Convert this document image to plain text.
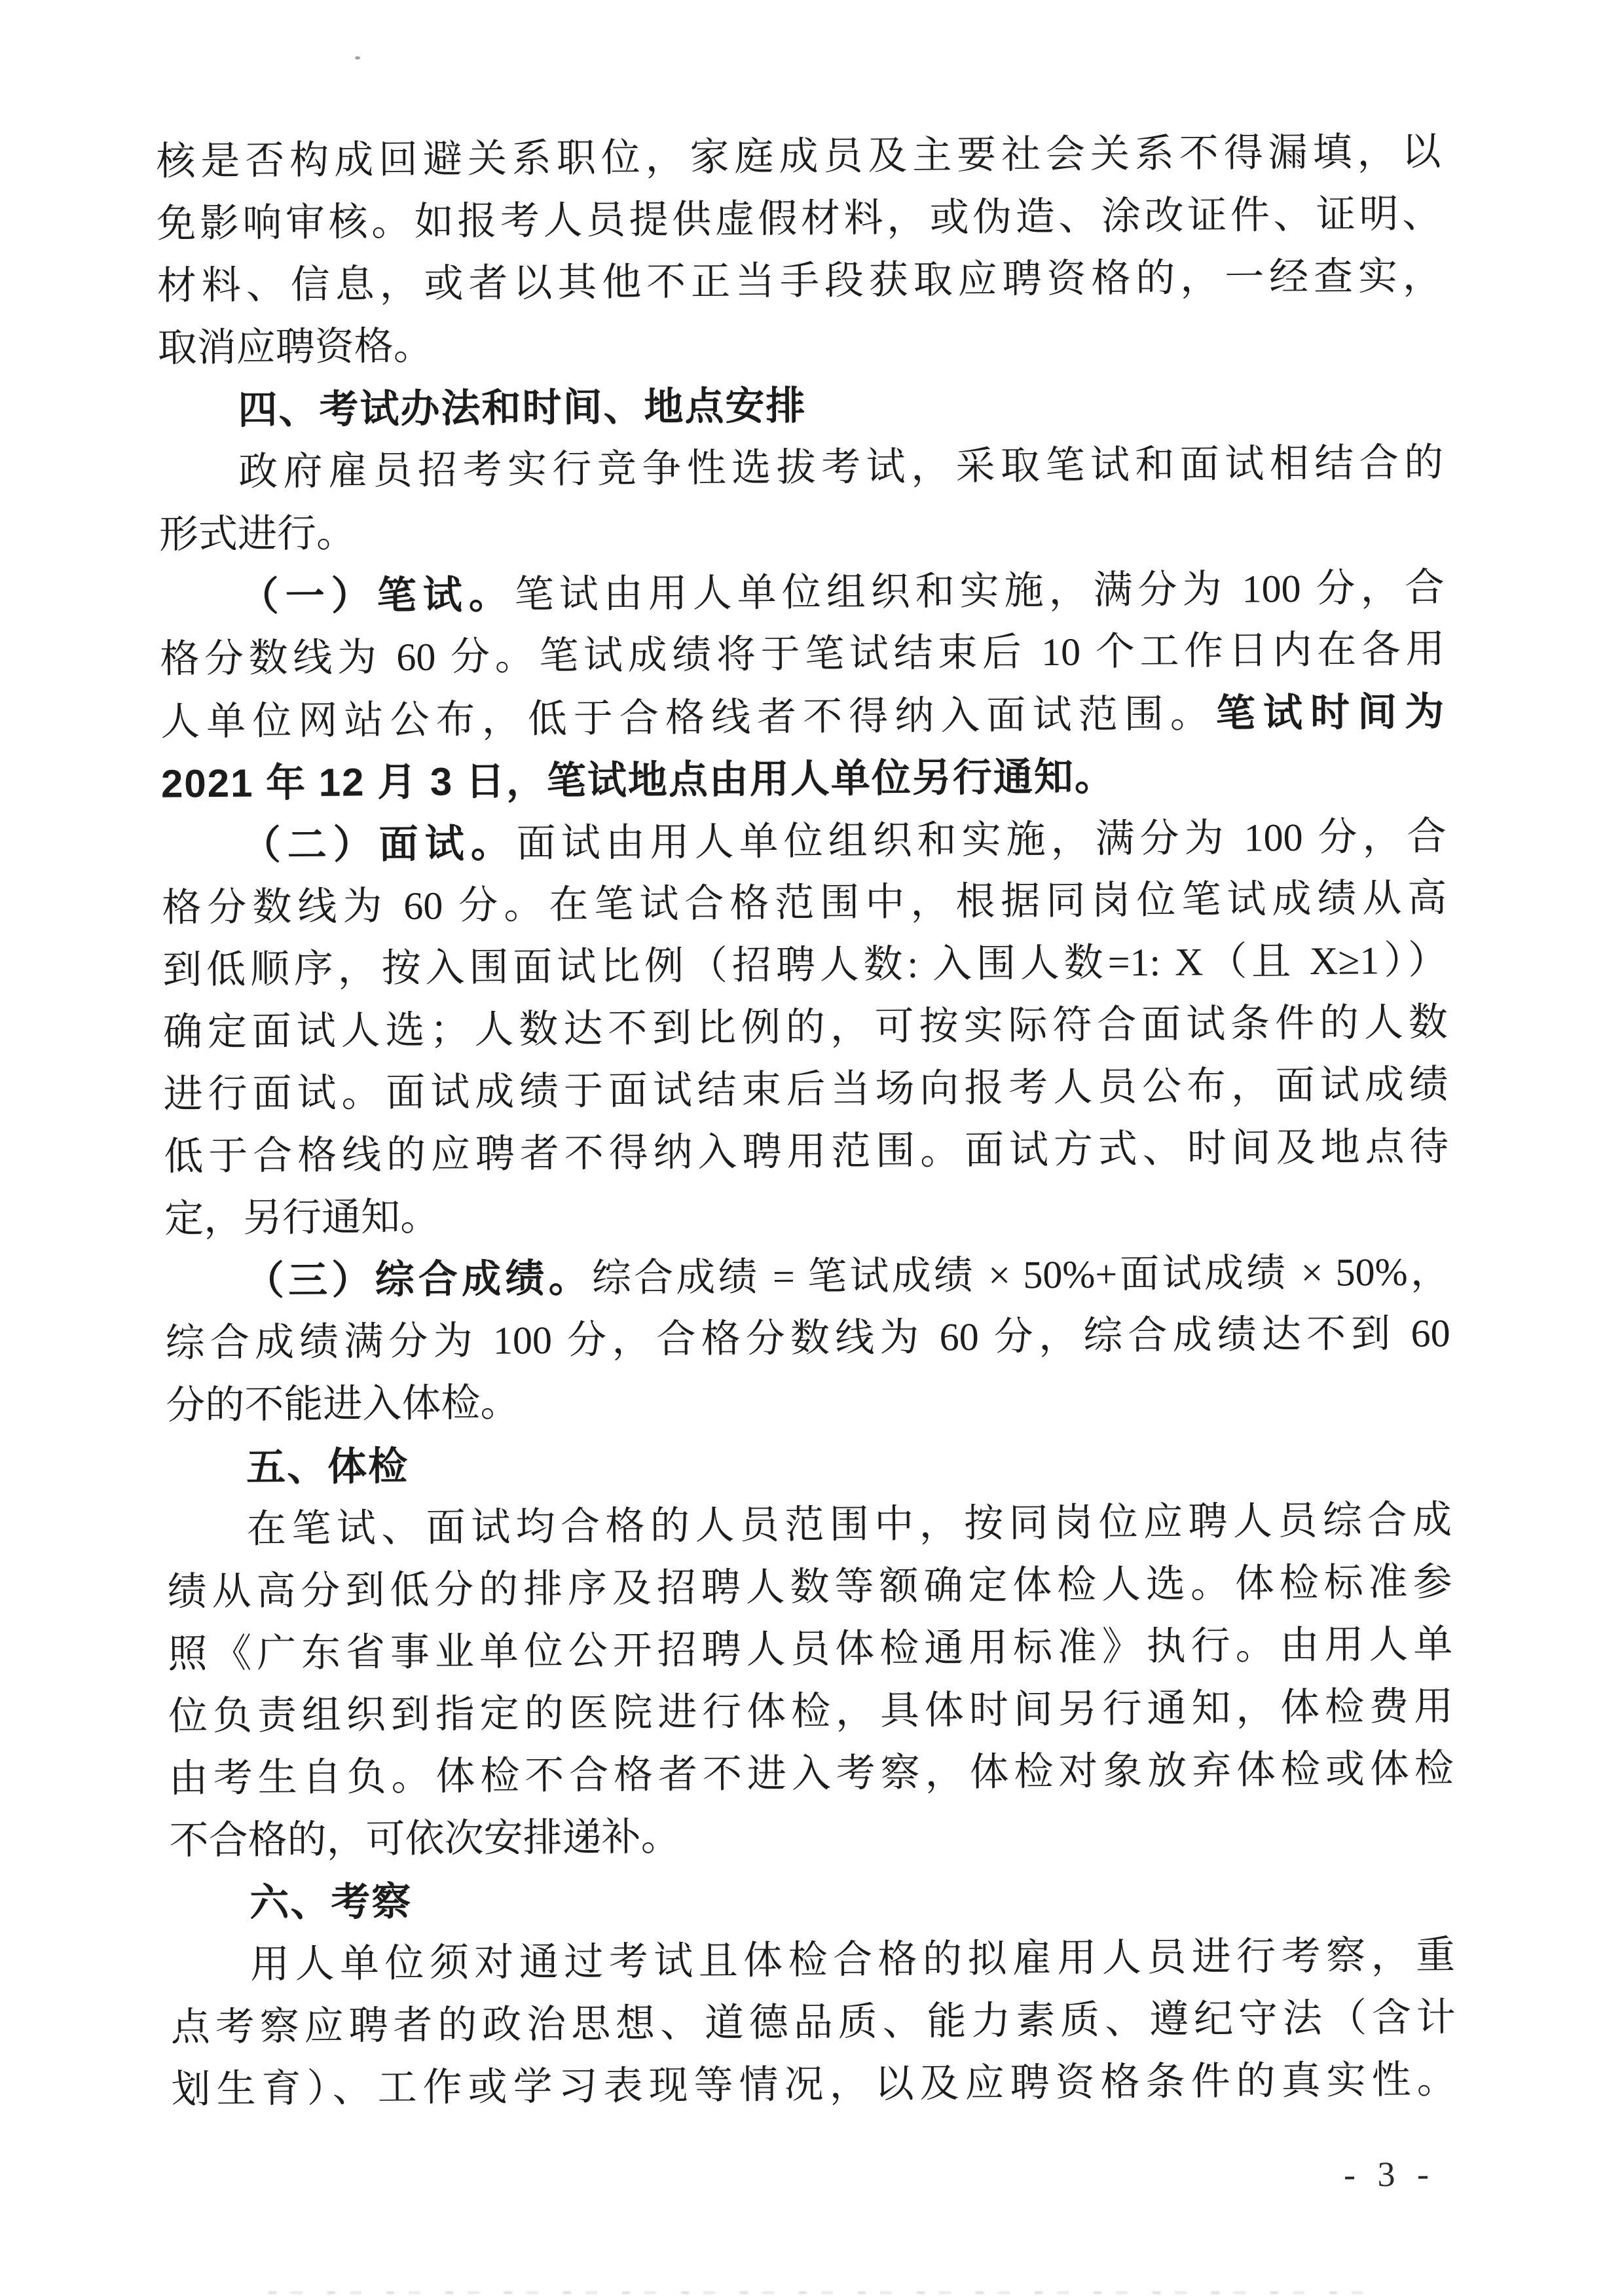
核是否构成回避关系职位，家庭成员及主要社会关系不得漏填，以
免影响审核。如报考人员提供虚假材料，或伪造、涂改证件、证明、
材料、信息，或者以其他不正当手段获取应聘资格的，一经查实，
取消应聘资格。
四、考试办法和时间、地点安排
政府雇员招考实行竞争性选拔考试，采取笔试和面试相结合的
形式进行。
（一）笔试。笔试由用人单位组织和实施，满分为 100 分，合
格分数线为 60 分。笔试成绩将于笔试结束后 10 个工作日内在各用
人单位网站公布，低于合格线者不得纳入面试范围。笔试时间为
2021 年 12 月 3 日，笔试地点由用人单位另行通知。
（二）面试。面试由用人单位组织和实施，满分为 100 分，合
格分数线为 60 分。在笔试合格范围中，根据同岗位笔试成绩从高
到低顺序，按入围面试比例（招聘人数: 入围人数=1: X（且 X≥1））
确定面试人选；人数达不到比例的，可按实际符合面试条件的人数
进行面试。面试成绩于面试结束后当场向报考人员公布，面试成绩
低于合格线的应聘者不得纳入聘用范围。面试方式、时间及地点待
定，另行通知。
（三）综合成绩。综合成绩 = 笔试成绩 × 50%+面试成绩 × 50%，
综合成绩满分为 100 分，合格分数线为 60 分，综合成绩达不到 60
分的不能进入体检。
五、体检
在笔试、面试均合格的人员范围中，按同岗位应聘人员综合成
绩从高分到低分的排序及招聘人数等额确定体检人选。体检标准参
照《广东省事业单位公开招聘人员体检通用标准》执行。由用人单
位负责组织到指定的医院进行体检，具体时间另行通知，体检费用
由考生自负。体检不合格者不进入考察，体检对象放弃体检或体检
不合格的，可依次安排递补。
六、考察
用人单位须对通过考试且体检合格的拟雇用人员进行考察，重
点考察应聘者的政治思想、道德品质、能力素质、遵纪守法（含计
划生育）、工作或学习表现等情况，以及应聘资格条件的真实性。
- 3 -
